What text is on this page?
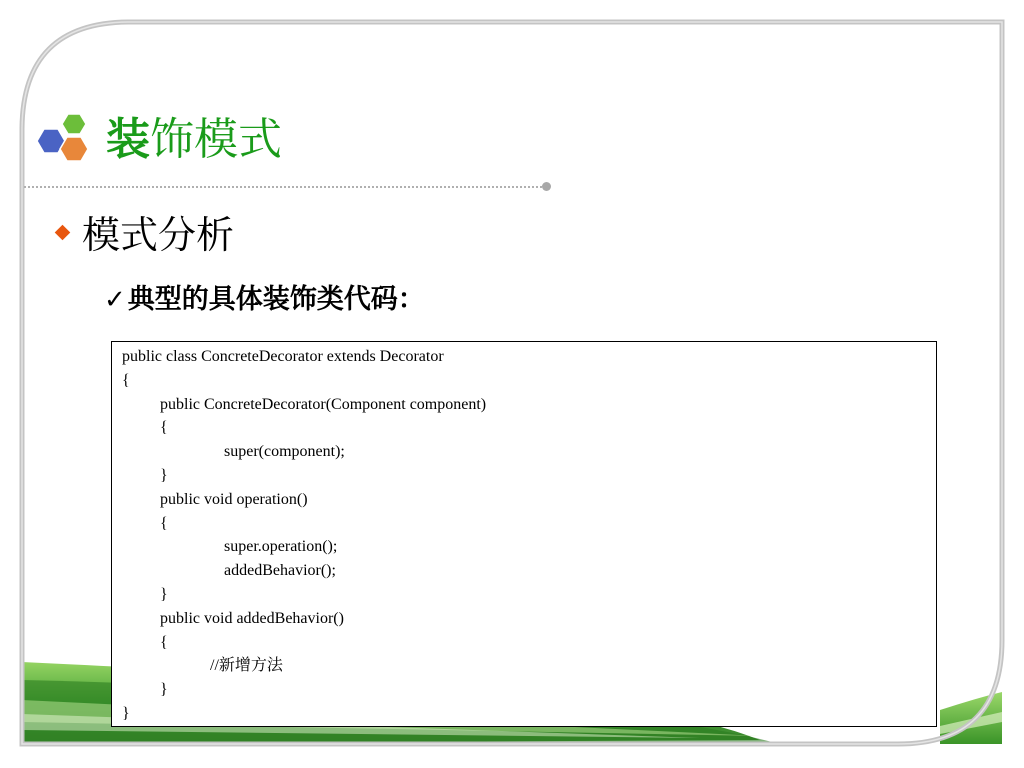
装饰模式
模式分析
✓典型的具体装饰类代码：
public class ConcreteDecorator extends Decorator
{
public ConcreteDecorator(Component component)
{
super(component);
}
public void operation()
{
super.operation();
addedBehavior();
}
public void addedBehavior()
{
//新增方法
}
}
